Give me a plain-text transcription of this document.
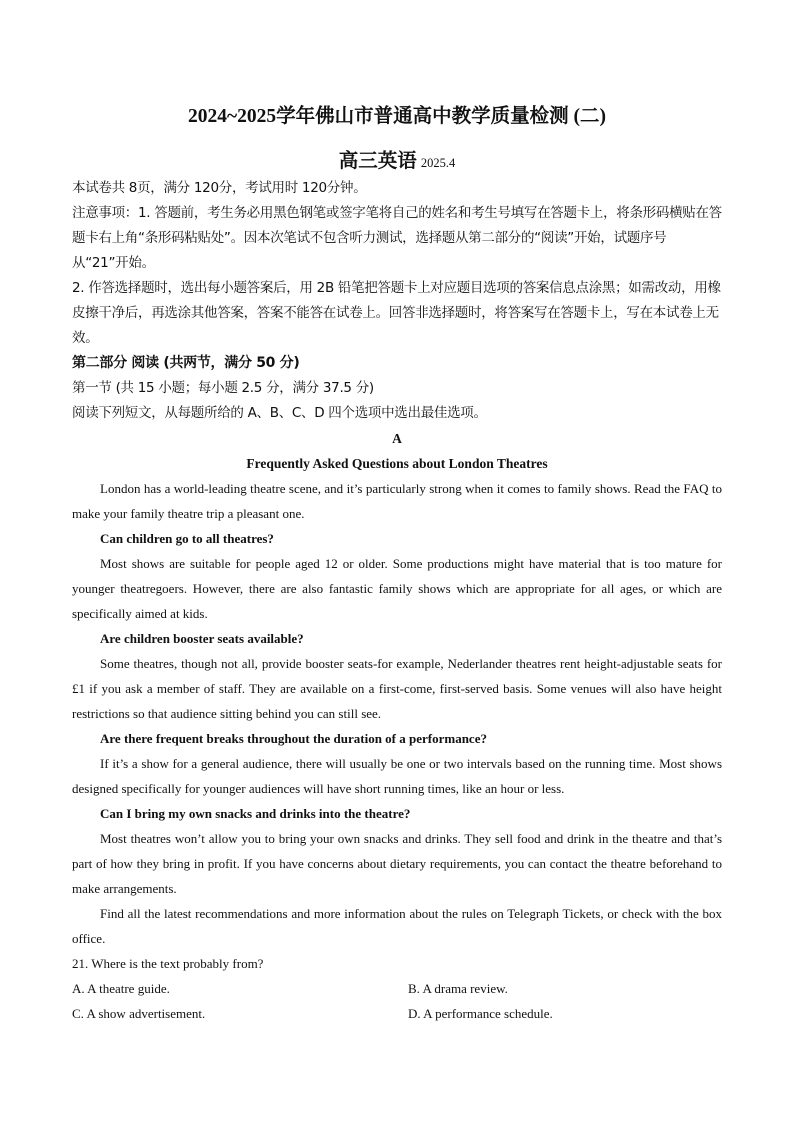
2024~2025学年佛山市普通高中教学质量检测 (二)
高三英语 2025.4

本试卷共 8页，满分 120分，考试用时 120分钟。

注意事项：1. 答题前，考生务必用黑色钢笔或签字笔将自己的姓名和考生号填写在答题卡上，将条形码横贴在答题卡右上角“条形码粘贴处”。因本次笔试不包含听力测试，选择题从第二部分的“阅读”开始，试题序号从“21”开始。

2. 作答选择题时，选出每小题答案后，用 2B 铅笔把答题卡上对应题目选项的答案信息点涂黑；如需改动，用橡皮擦干净后，再选涂其他答案，答案不能答在试卷上。回答非选择题时，将答案写在答题卡上，写在本试卷上无效。

第二部分 阅读 (共两节，满分 50 分)

第一节 (共 15 小题；每小题 2.5 分，满分 37.5 分)

阅读下列短文，从每题所给的 A、B、C、D 四个选项中选出最佳选项。

A

Frequently Asked Questions about London Theatres

London has a world-leading theatre scene, and it’s particularly strong when it comes to family shows. Read the FAQ to make your family theatre trip a pleasant one.

Can children go to all theatres?

Most shows are suitable for people aged 12 or older. Some productions might have material that is too mature for younger theatregoers. However, there are also fantastic family shows which are appropriate for all ages, or which are specifically aimed at kids.

Are children booster seats available?

Some theatres, though not all, provide booster seats-for example, Nederlander theatres rent height-adjustable seats for £1 if you ask a member of staff. They are available on a first-come, first-served basis. Some venues will also have height restrictions so that audience sitting behind you can still see.

Are there frequent breaks throughout the duration of a performance?

If it’s a show for a general audience, there will usually be one or two intervals based on the running time. Most shows designed specifically for younger audiences will have short running times, like an hour or less.

Can I bring my own snacks and drinks into the theatre?

Most theatres won’t allow you to bring your own snacks and drinks. They sell food and drink in the theatre and that’s part of how they bring in profit. If you have concerns about dietary requirements, you can contact the theatre beforehand to make arrangements.

Find all the latest recommendations and more information about the rules on Telegraph Tickets, or check with the box office.

21. Where is the text probably from?

A. A theatre guide.	B. A drama review.
C. A show advertisement.	D. A performance schedule.
